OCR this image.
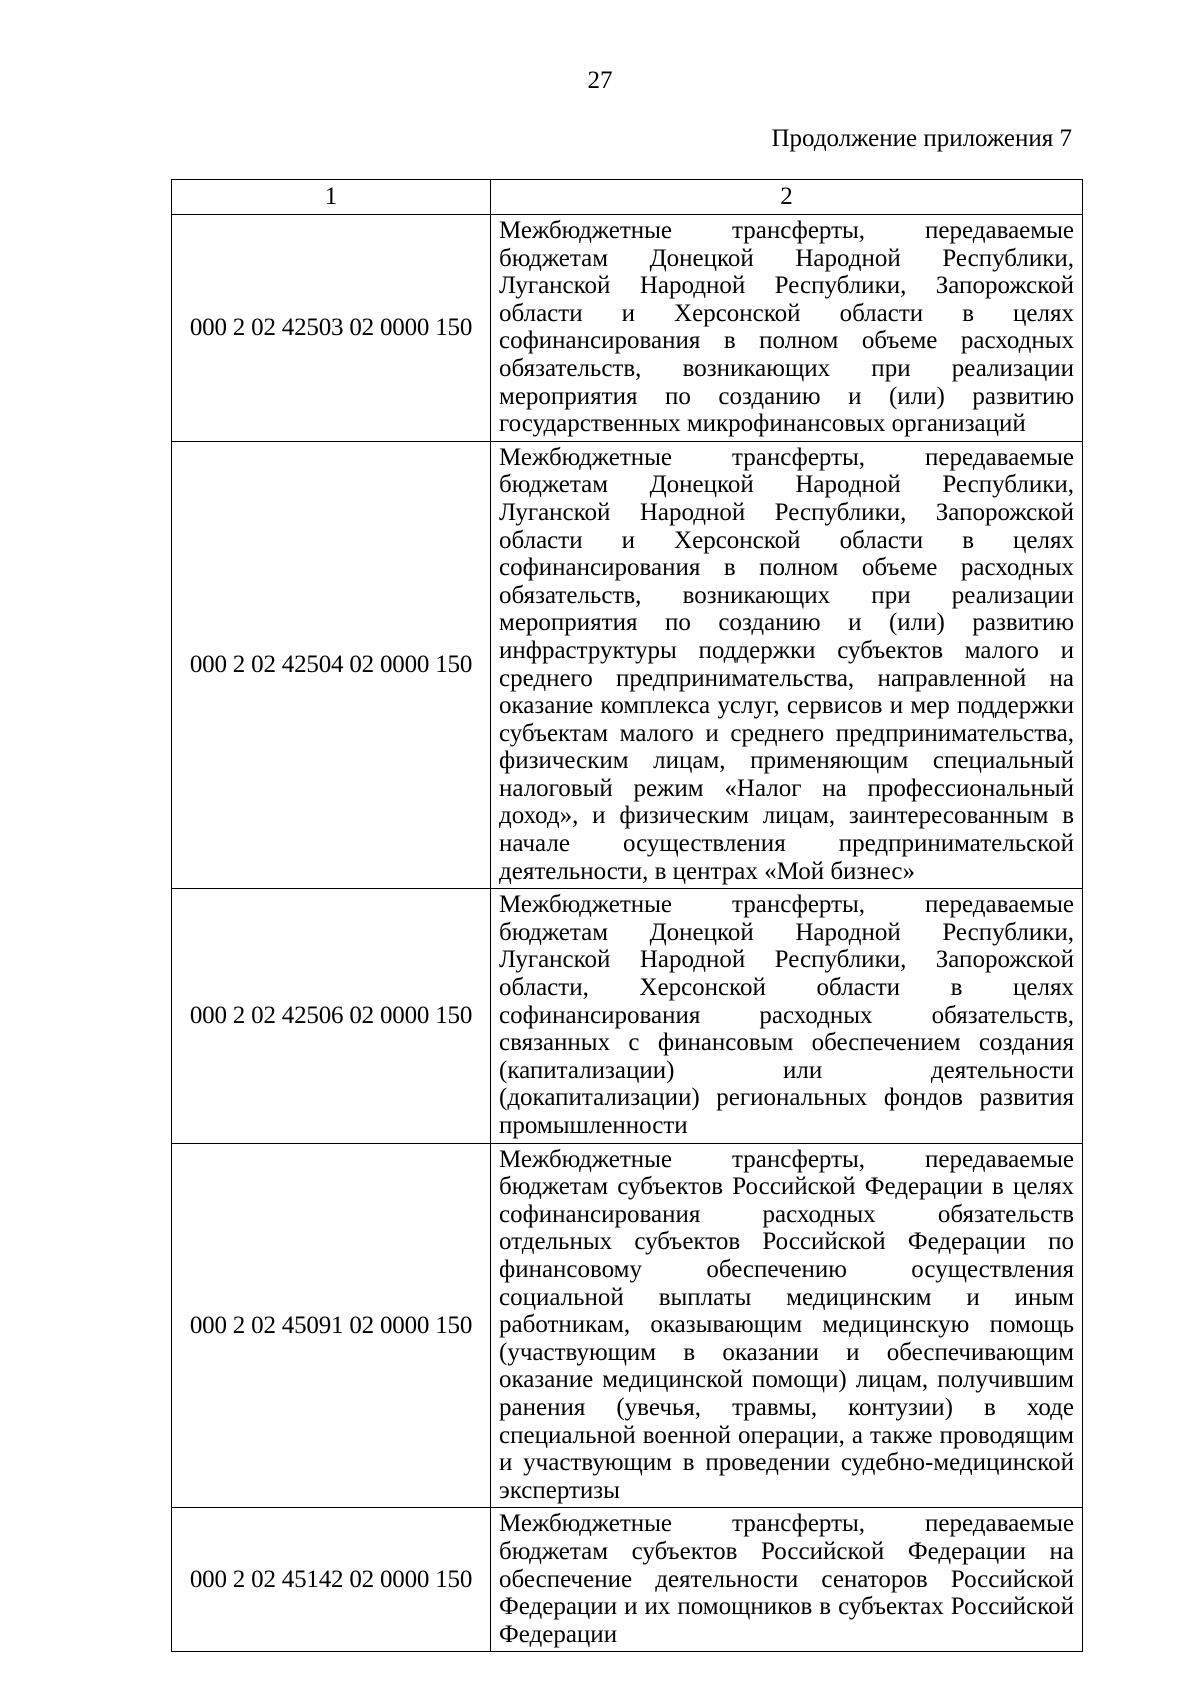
27
Продолжение приложения 7
1	2
000 2 02 42503 02 0000 150	Межбюджетные трансферты, передаваемые бюджетам Донецкой Народной Республики, Луганской Народной Республики, Запорожской области и Херсонской области в целях софинансирования в полном объеме расходных обязательств, возникающих при реализации мероприятия по созданию и (или) развитию государственных микрофинансовых организаций
000 2 02 42504 02 0000 150	Межбюджетные трансферты, передаваемые бюджетам Донецкой Народной Республики, Луганской Народной Республики, Запорожской области и Херсонской области в целях софинансирования в полном объеме расходных обязательств, возникающих при реализации мероприятия по созданию и (или) развитию инфраструктуры поддержки субъектов малого и среднего предпринимательства, направленной на оказание комплекса услуг, сервисов и мер поддержки субъектам малого и среднего предпринимательства, физическим лицам, применяющим специальный налоговый режим «Налог на профессиональный доход», и физическим лицам, заинтересованным в начале осуществления предпринимательской деятельности, в центрах «Мой бизнес»
000 2 02 42506 02 0000 150	Межбюджетные трансферты, передаваемые бюджетам Донецкой Народной Республики, Луганской Народной Республики, Запорожской области, Херсонской области в целях софинансирования расходных обязательств, связанных с финансовым обеспечением создания (капитализации) или деятельности (докапитализации) региональных фондов развития промышленности
000 2 02 45091 02 0000 150	Межбюджетные трансферты, передаваемые бюджетам субъектов Российской Федерации в целях софинансирования расходных обязательств отдельных субъектов Российской Федерации по финансовому обеспечению осуществления социальной выплаты медицинским и иным работникам, оказывающим медицинскую помощь (участвующим в оказании и обеспечивающим оказание медицинской помощи) лицам, получившим ранения (увечья, травмы, контузии) в ходе специальной военной операции, а также проводящим и участвующим в проведении судебно-медицинской экспертизы
000 2 02 45142 02 0000 150	Межбюджетные трансферты, передаваемые бюджетам субъектов Российской Федерации на обеспечение деятельности сенаторов Российской Федерации и их помощников в субъектах Российской Федерации
